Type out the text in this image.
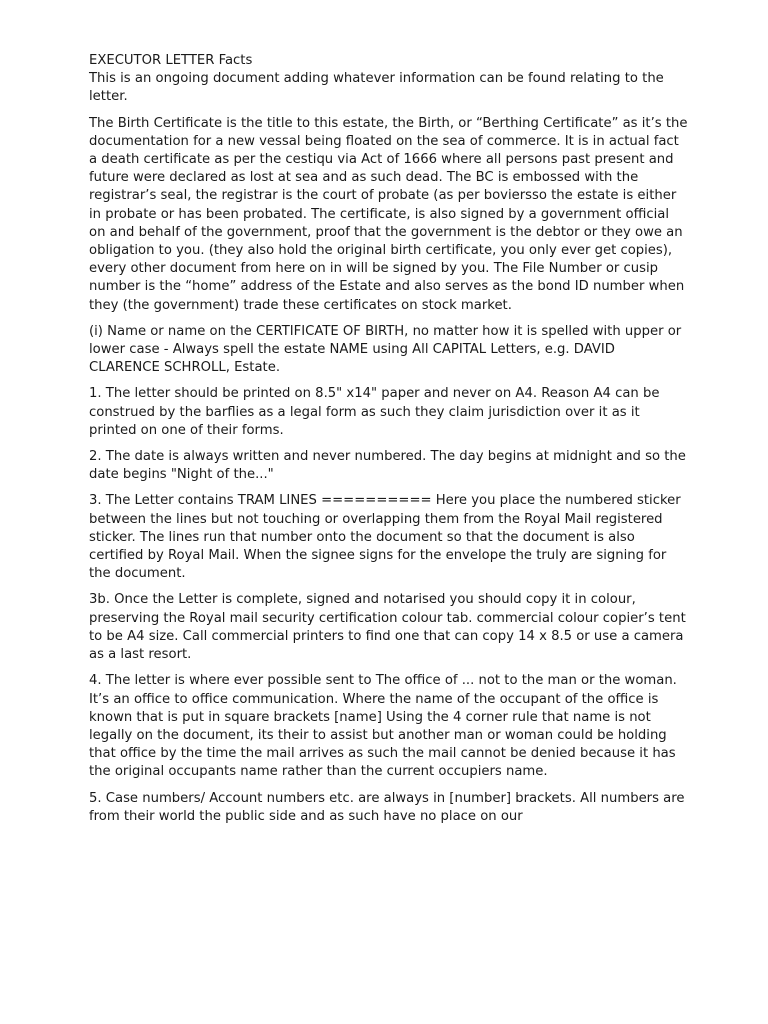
EXECUTOR LETTER Facts
This is an ongoing document adding whatever information can be found relating to the letter.

The Birth Certificate is the title to this estate, the Birth, or “Berthing Certificate” as it’s the documentation for a new vessal being floated on the sea of commerce. It is in actual fact a death certificate as per the cestiqu via Act of 1666 where all persons past present and future were declared as lost at sea and as such dead. The BC is embossed with the registrar’s seal, the registrar is the court of probate (as per boviersso the estate is either in probate or has been probated. The certificate, is also signed by a government official on and behalf of the government, proof that the government is the debtor or they owe an obligation to you. (they also hold the original birth certificate, you only ever get copies), every other document from here on in will be signed by you. The File Number or cusip number is the “home” address of the Estate and also serves as the bond ID number when they (the government) trade these certificates on stock market.

(i) Name or name on the CERTIFICATE OF BIRTH, no matter how it is spelled with upper or lower case - Always spell the estate NAME using All CAPITAL Letters, e.g. DAVID CLARENCE SCHROLL, Estate.

1. The letter should be printed on 8.5" x14" paper and never on A4. Reason A4 can be construed by the barflies as a legal form as such they claim jurisdiction over it as it printed on one of their forms.

2. The date is always written and never numbered. The day begins at midnight and so the date begins "Night of the..."

3. The Letter contains TRAM LINES ========== Here you place the numbered sticker between the lines but not touching or overlapping them from the Royal Mail registered sticker. The lines run that number onto the document so that the document is also certified by Royal Mail. When the signee signs for the envelope the truly are signing for the document.

3b. Once the Letter is complete, signed and notarised you should copy it in colour, preserving the Royal mail security certification colour tab. commercial colour copier’s tent to be A4 size. Call commercial printers to find one that can copy 14 x 8.5 or use a camera as a last resort.

4. The letter is where ever possible sent to The office of ... not to the man or the woman. It’s an office to office communication. Where the name of the occupant of the office is known that is put in square brackets [name] Using the 4 corner rule that name is not legally on the document, its their to assist but another man or woman could be holding that office by the time the mail arrives as such the mail cannot be denied because it has the original occupants name rather than the current occupiers name.

5. Case numbers/ Account numbers etc. are always in [number] brackets. All numbers are from their world the public side and as such have no place on our
